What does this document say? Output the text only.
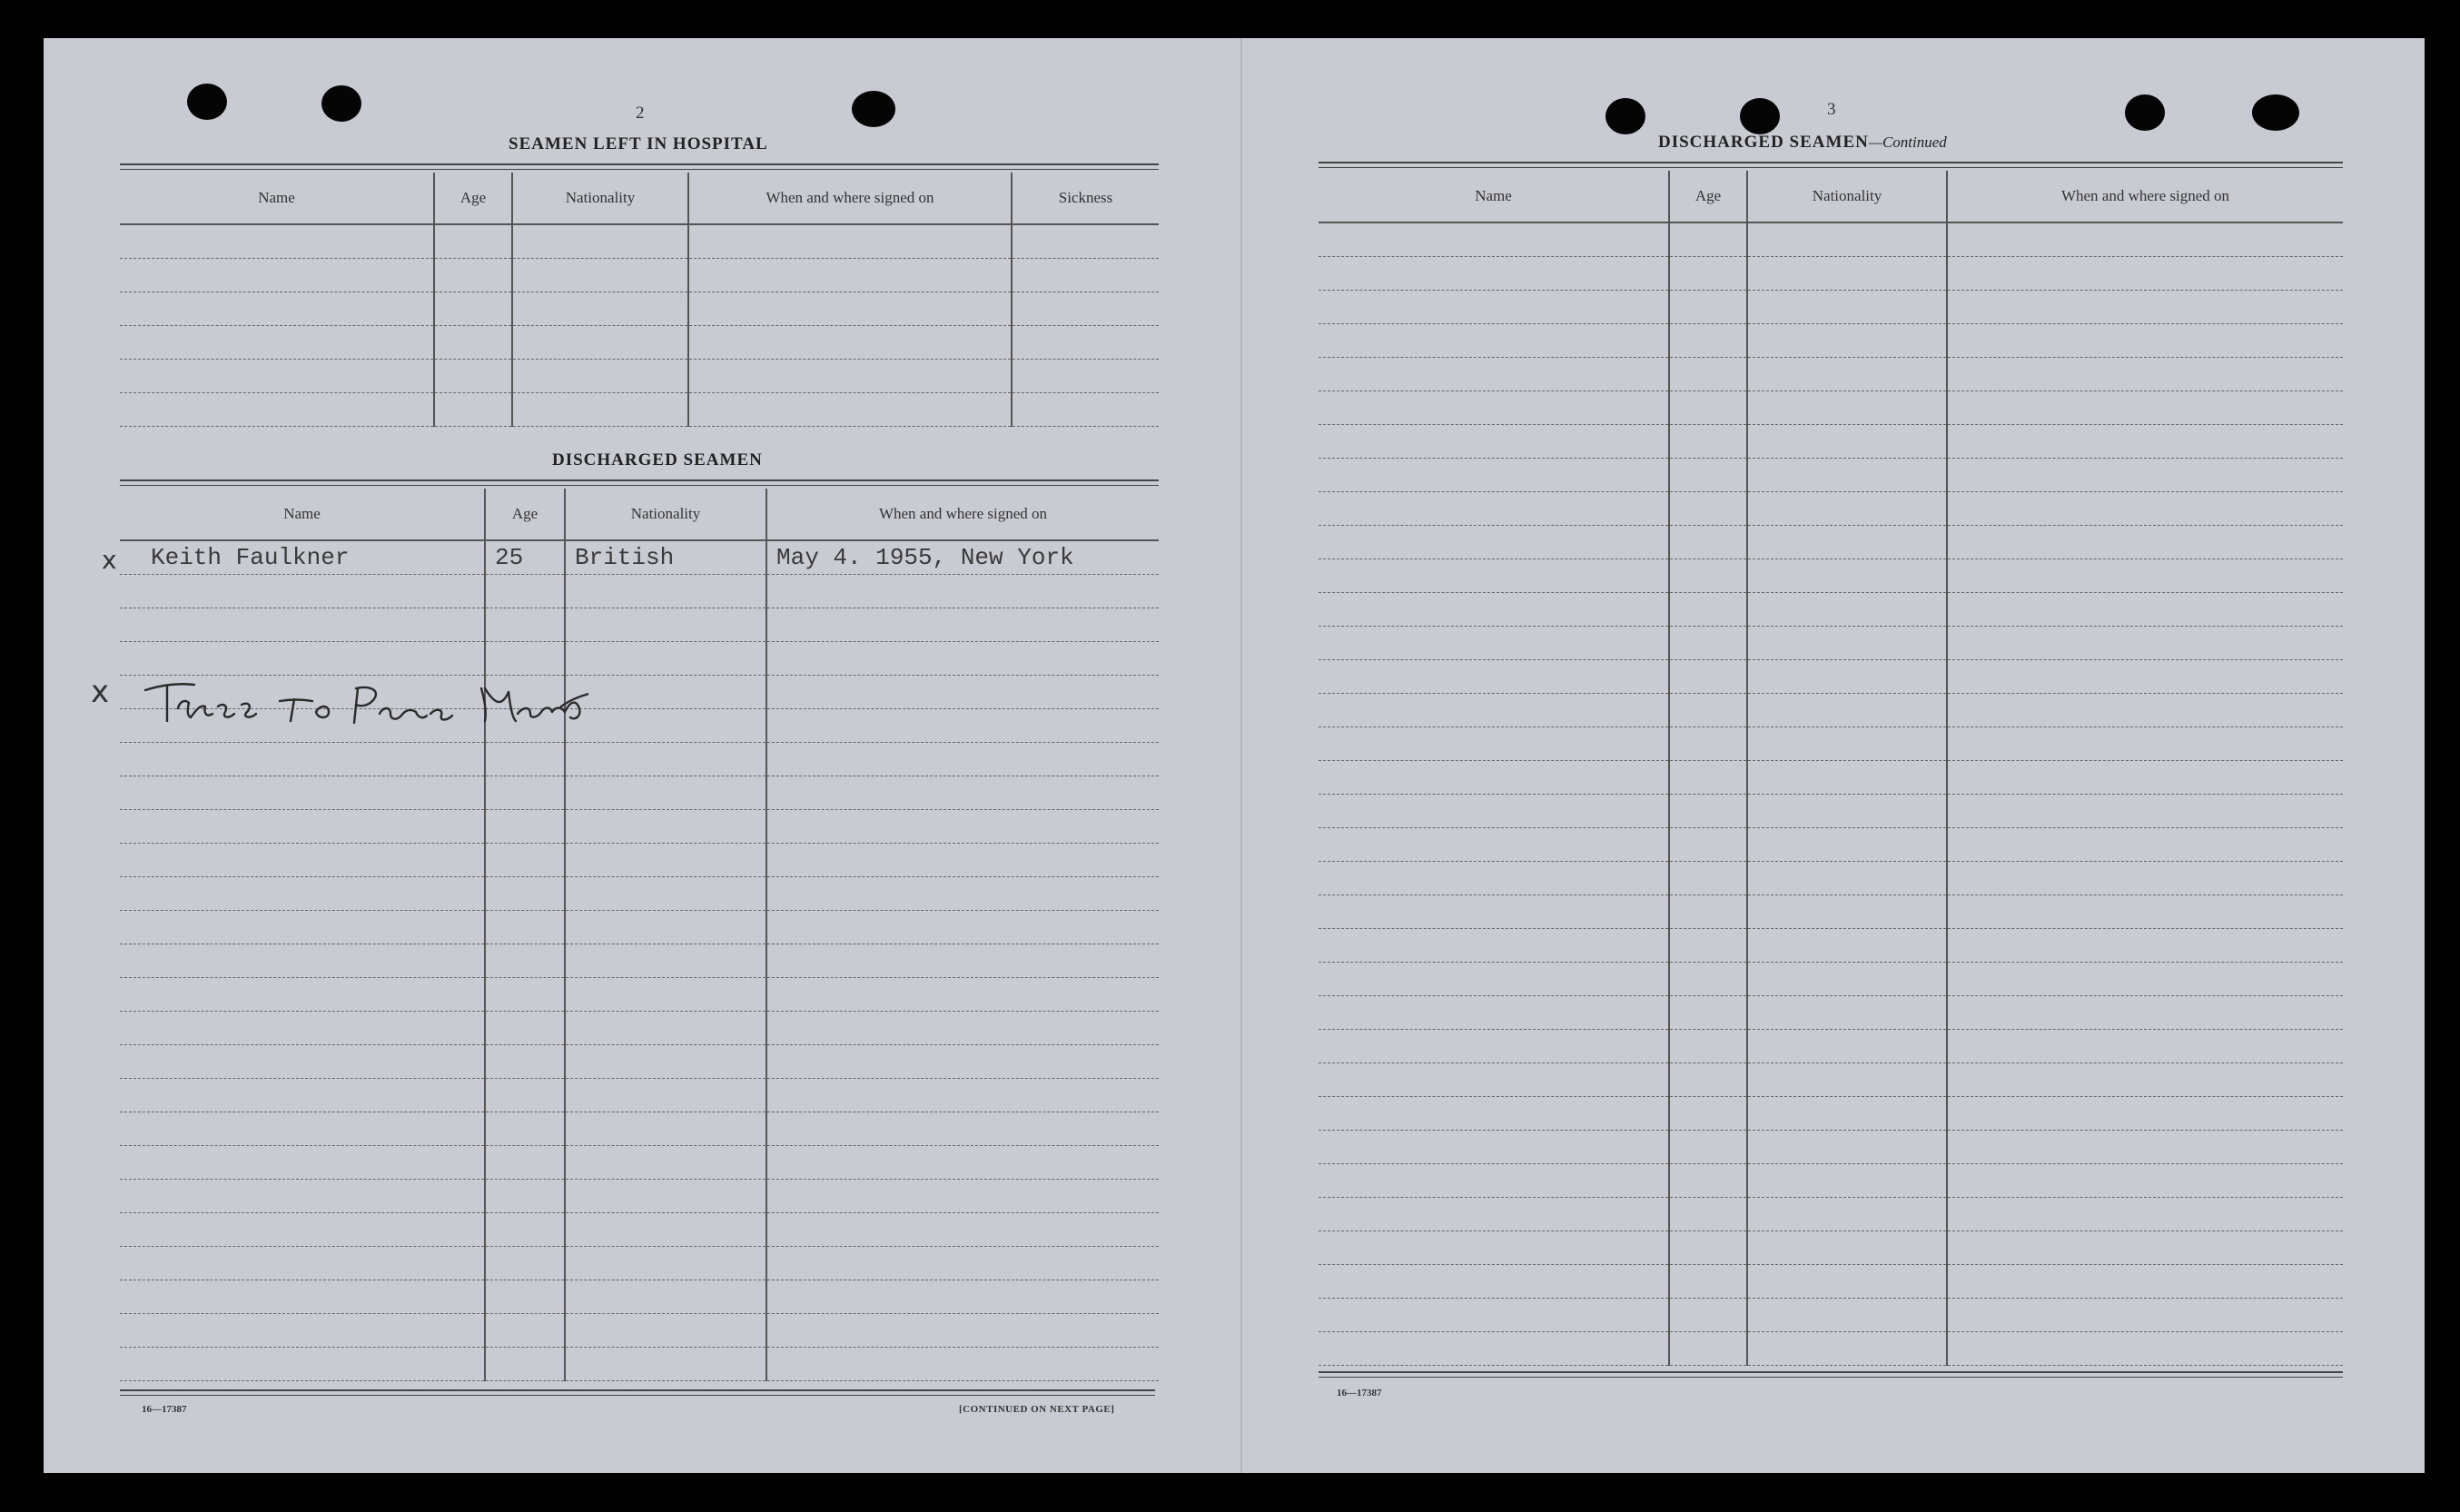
2
SEAMEN LEFT IN HOSPITAL
Name	Age	Nationality	When and where signed on	Sickness

DISCHARGED SEAMEN
Name	Age	Nationality	When and where signed on
Keith Faulkner	25	British	May 4. 1955, New York

x
x
16—17387	[CONTINUED ON NEXT PAGE]
3
DISCHARGED SEAMEN—Continued
Name	Age	Nationality	When and where signed on

16—17387
